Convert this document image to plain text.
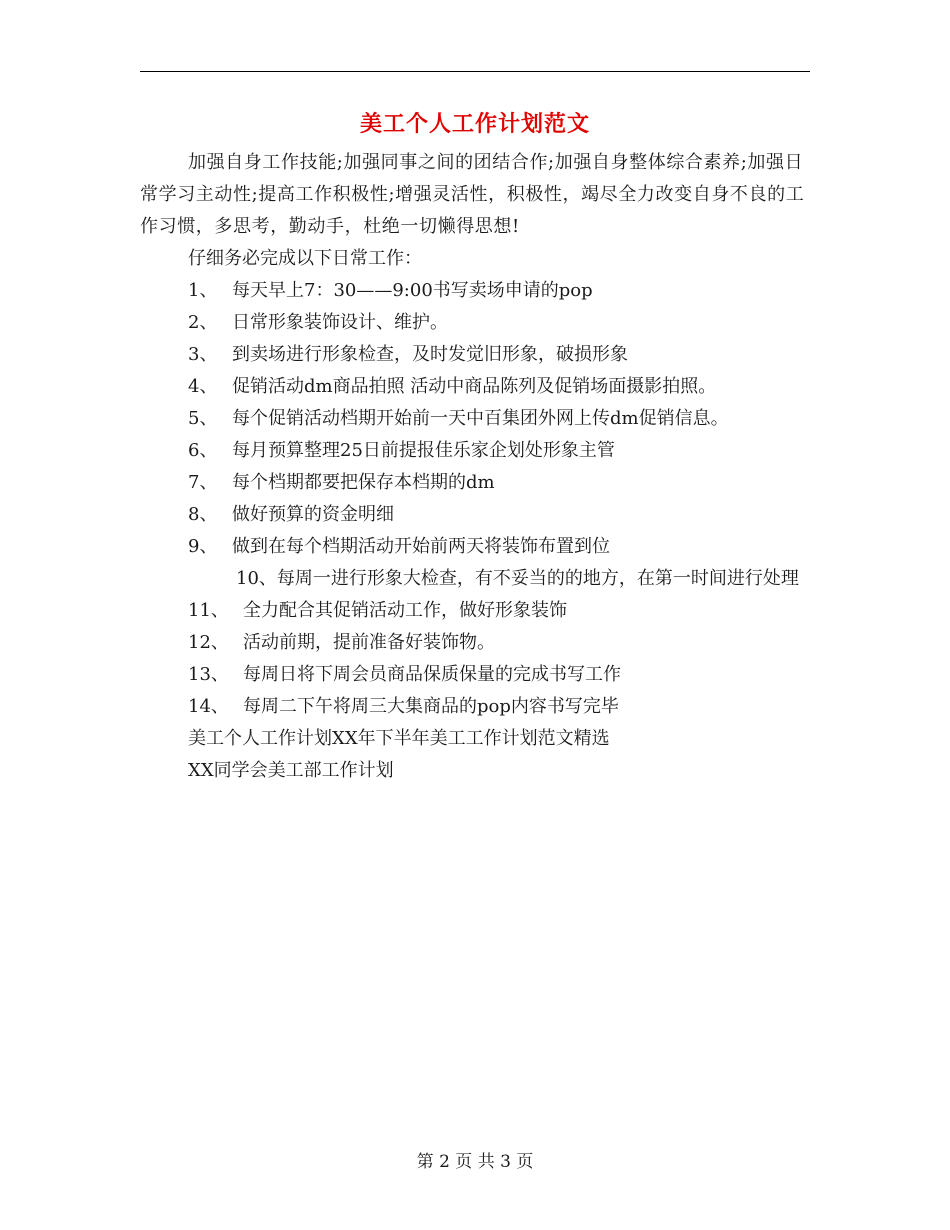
美工个人工作计划范文

加强自身工作技能;加强同事之间的团结合作;加强自身整体综合素养;加强日常学习主动性;提高工作积极性;增强灵活性，积极性，竭尽全力改变自身不良的工作习惯，多思考，勤动手，杜绝一切懒得思想!

仔细务必完成以下日常工作：

1、 每天早上7：30——9:00书写卖场申请的pop

2、 日常形象装饰设计、维护。

3、 到卖场进行形象检查，及时发觉旧形象，破损形象

4、 促销活动dm商品拍照 活动中商品陈列及促销场面摄影拍照。

5、 每个促销活动档期开始前一天中百集团外网上传dm促销信息。

6、 每月预算整理25日前提报佳乐家企划处形象主管

7、 每个档期都要把保存本档期的dm

8、 做好预算的资金明细

9、 做到在每个档期活动开始前两天将装饰布置到位

10、每周一进行形象大检查，有不妥当的的地方，在第一时间进行处理

11、 全力配合其促销活动工作，做好形象装饰

12、 活动前期，提前准备好装饰物。

13、 每周日将下周会员商品保质保量的完成书写工作

14、 每周二下午将周三大集商品的pop内容书写完毕

美工个人工作计划XX年下半年美工工作计划范文精选

XX同学会美工部工作计划

第 2 页 共 3 页
